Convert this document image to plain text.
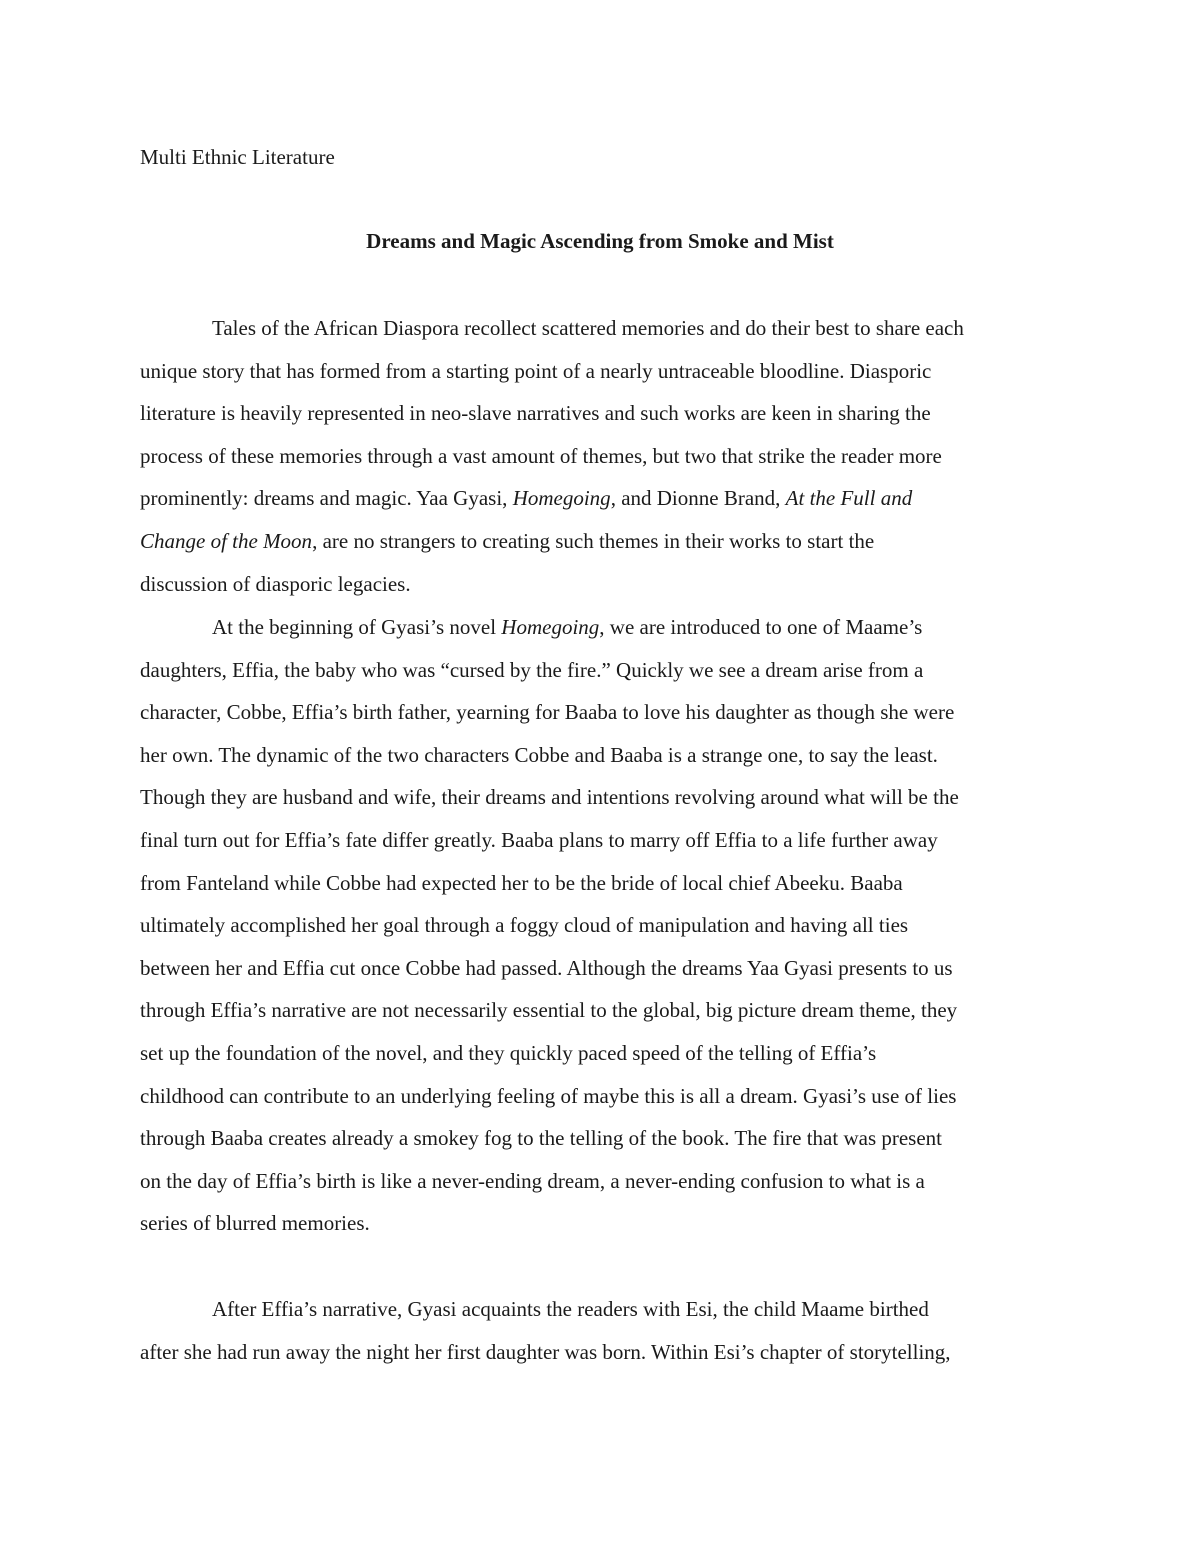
Multi Ethnic Literature

Dreams and Magic Ascending from Smoke and Mist
Tales of the African Diaspora recollect scattered memories and do their best to share each
unique story that has formed from a starting point of a nearly untraceable bloodline. Diasporic
literature is heavily represented in neo-slave narratives and such works are keen in sharing the
process of these memories through a vast amount of themes, but two that strike the reader more
prominently: dreams and magic. Yaa Gyasi, Homegoing, and Dionne Brand, At the Full and
Change of the Moon, are no strangers to creating such themes in their works to start the
discussion of diasporic legacies.
At the beginning of Gyasi’s novel Homegoing, we are introduced to one of Maame’s
daughters, Effia, the baby who was “cursed by the fire.” Quickly we see a dream arise from a
character, Cobbe, Effia’s birth father, yearning for Baaba to love his daughter as though she were
her own. The dynamic of the two characters Cobbe and Baaba is a strange one, to say the least.
Though they are husband and wife, their dreams and intentions revolving around what will be the
final turn out for Effia’s fate differ greatly. Baaba plans to marry off Effia to a life further away
from Fanteland while Cobbe had expected her to be the bride of local chief Abeeku. Baaba
ultimately accomplished her goal through a foggy cloud of manipulation and having all ties
between her and Effia cut once Cobbe had passed. Although the dreams Yaa Gyasi presents to us
through Effia’s narrative are not necessarily essential to the global, big picture dream theme, they
set up the foundation of the novel, and they quickly paced speed of the telling of Effia’s
childhood can contribute to an underlying feeling of maybe this is all a dream. Gyasi’s use of lies
through Baaba creates already a smokey fog to the telling of the book. The fire that was present
on the day of Effia’s birth is like a never-ending dream, a never-ending confusion to what is a
series of blurred memories.
After Effia’s narrative, Gyasi acquaints the readers with Esi, the child Maame birthed
after she had run away the night her first daughter was born. Within Esi’s chapter of storytelling,
